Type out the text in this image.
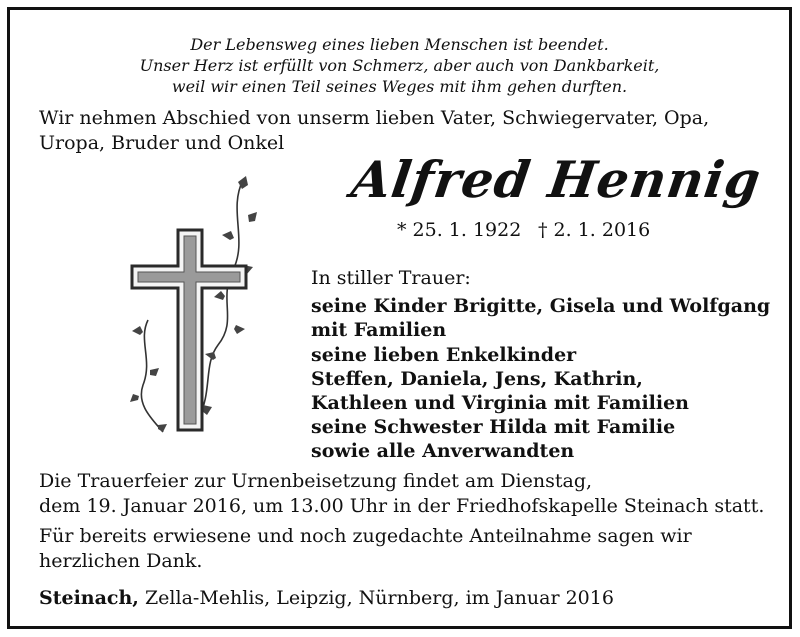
Der Lebensweg eines lieben Menschen ist beendet.
Unser Herz ist erfüllt von Schmerz, aber auch von Dankbarkeit,
weil wir einen Teil seines Weges mit ihm gehen durften.
Wir nehmen Abschied von unserm lieben Vater, Schwiegervater, Opa,
Uropa, Bruder und Onkel
Alfred Hennig
* 25. 1. 1922 † 2. 1. 2016
In stiller Trauer:
seine Kinder Brigitte, Gisela und Wolfgang
mit Familien
seine lieben Enkelkinder
Steffen, Daniela, Jens, Kathrin,
Kathleen und Virginia mit Familien
seine Schwester Hilda mit Familie
sowie alle Anverwandten
Die Trauerfeier zur Urnenbeisetzung findet am Dienstag,
dem 19. Januar 2016, um 13.00 Uhr in der Friedhofskapelle Steinach statt.
Für bereits erwiesene und noch zugedachte Anteilnahme sagen wir
herzlichen Dank.
Steinach, Zella-Mehlis, Leipzig, Nürnberg, im Januar 2016
